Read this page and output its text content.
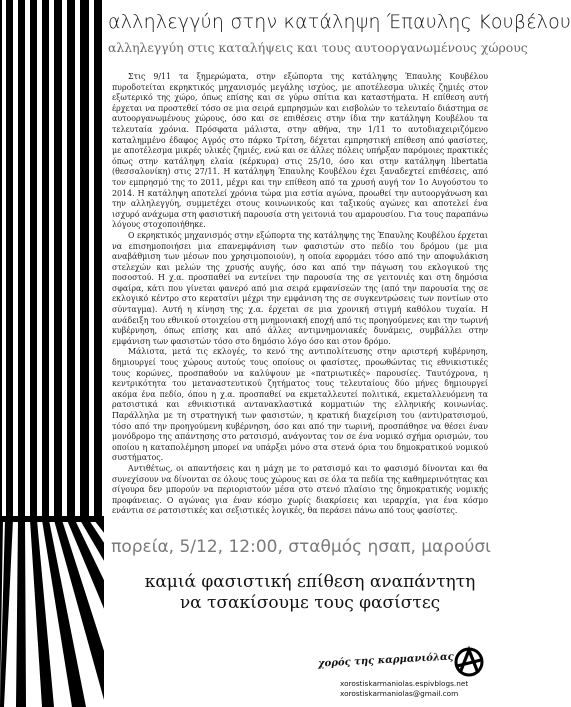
αλληλεγγύη στην κατάληψη Έπαυλης Κουβέλου
αλληλεγγύη στις καταλήψεις και τους αυτοοργανωμένους χώρους

Στις 9/11 τα ξημερώματα, στην εξώπορτα της κατάληψης Έπαυλης Κουβέλου πυρoδοτείται εκρηκτικός μηχανισμός μεγάλης ισχύος, με αποτέλεσμα υλικές ζημιές στον εξωτερικό της χώρο, όπως επίσης και σε γύρω σπίτια και καταστήματα. Η επίθεση αυτή έρχεται να προστεθεί τόσο σε μια σειρά εμπρησμών και εισβολών το τελευταίο διάστημα σε αυτοοργανωμένους χώρους, όσο και σε επιθέσεις στην ίδια την κατάληψη Κουβέλου τα τελευταία χρόνια. Πρόσφατα μάλιστα, στην αθήνα, την 1/11 το αυτοδιαχειριζόμενο καταλημμένο έδαφος Αγρός στο πάρκο Τρίτση, δέχεται εμπρηστική επίθεση από φασίστες, με αποτέλεσμα μικρές υλικές ζημιές, ενώ και σε άλλες πόλεις υπήρξαν παρόμοιες πρακτικές όπως στην κατάληψη ελαία (κέρκυρα) στις 25/10, όσο και στην κατάληψη libertatia (θεσσαλονίκη) στις 27/11. Η κατάληψη Έπαυλης Κουβέλου έχει ξαναδεχτεί επιθέσεις, από τον εμπρησμό της το 2011, μέχρι και την επίθεση από τα χρυσή αυγή τον 1ο Αυγούστου το 2014. Η κατάληψη αποτελεί χρόνια τώρα μια εστία αγώνα, προωθεί την αυτοοργάνωση και την αλληλεγγύη, συμμετέχει στους κοινωνικούς και ταξικούς αγώνες και αποτελεί ένα ισχυρό ανάχωμα στη φασιστική παρουσία στη γειτονιά του αμαρουσίου. Για τους παραπάνω λόγους στοχοποιήθηκε.

Ο εκρηκτικός μηχανισμός στην εξώπορτα της κατάληψης της Έπαυλης Κουβέλου έρχεται να επισημοποιήσει μια επανεμφάνιση των φασιστών στο πεδίο του δρόμου (με μια αναβάθμιση των μέσων που χρησιμοποιούν), η οποία εφορμάει τόσο από την αποφυλάκιση στελεχών και μελών της χρυσής αυγής, όσο και από την πάγωση του εκλογικού της ποσοστού. Η χ.α. προσπαθεί να εντείνει την παρουσία της σε γειτονιές και στη δημόσια σφαίρα, κάτι που γίνεται φανερό από μια σειρά εμφανίσεών της (από την παρουσία της σε εκλογικό κέντρο στο κερατσίνι μέχρι την εμφάνιση της σε συγκεντρώσεις των ποντίων στο σύνταγμα). Αυτή η κίνηση της χ.α. έρχεται σε μια χρονική στιγμή καθόλου τυχαία. Η ανάδειξη του εθνικού στοιχείου στη μνημονιακή εποχή από τις προηγούμενες και την τωρινή κυβέρνηση, όπως επίσης και από άλλες αντιμνημονιακές δυνάμεις, συμβάλλει στην εμφάνιση των φασιστών τόσο στο δημόσιο λόγο όσο και στον δρόμο.

Μάλιστα, μετά τις εκλογές, το κενό της αντιπολίτευσης στην αριστερή κυβέρνηση, δημιουργεί τους χώρους αυτούς τους οποίους οι φασίστες, προωθώντας τις εθνικιστικές τους κορώνες, προσπαθούν να καλύψουν με «πατριωτικές» παρουσίες. Ταυτόχρονα, η κεντρικότητα του μεταναστευτικού ζητήματος τους τελευταίους δύο μήνες δημιουργεί ακόμα ένα πεδίο, όπου η χ.α. προσπαθεί να εκμεταλλευτεί πολιτικά, εκμεταλλευόμενη τα ρατσιστικά και εθνικιστικά αντανακλαστικά κομματιών της ελληνικής κοινωνίας. Παράλληλα με τη στρατηγική των φασιστών, η κρατική διαχείριση του (αντι)ρατσισμού, τόσο από την προηγούμενη κυβέρνηση, όσο και από την τωρινή, προσπάθησε να θέσει έναν μονόδρομο της απάντησης στο ρατσισμό, ανάγοντας τον σε ένα νομικό σχήμα ορισμών, του οποίου η καταπολέμηση μπορεί να υπάρξει μόνο στα στενά όρια του δημοκρατικού νομικού συστήματος.

Αντιθέτως, οι απαντήσεις και η μάχη με το ρατσισμό και το φασισμό δίνονται και θα συνεχίσουν να δίνονται σε όλους τους χώρους και σε όλα τα πεδία της καθημερινότητας και σίγουρα δεν μπορούν να περιοριστούν μέσα στο στενό πλαίσιο της δημοκρατικής νομικής προφάνειας. Ο αγώνας για έναν κόσμο χωρίς διακρίσεις και ιεραρχία, για ένα κόσμο ενάντια σε ρατσιστικές και σεξιστικές λογικές, θα περάσει πάνω από τους φασίστες.

πορεία, 5/12, 12:00, σταθμός ησαπ, μαρούσι
καμιά φασιστική επίθεση αναπάντητη
να τσακίσουμε τους φασίστες
χορός της καρμανιόλας
xorostiskarmaniolas.espivblogs.net
xorostiskarmaniolas@gmail.com
